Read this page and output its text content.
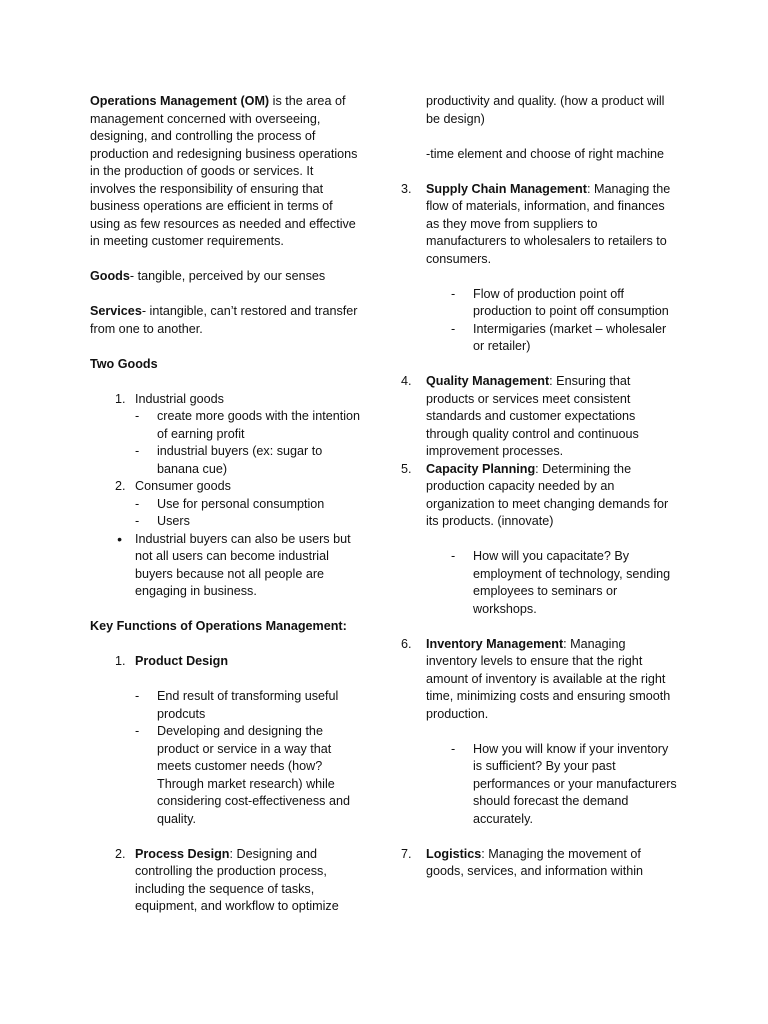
Operations Management (OM) is the area of management concerned with overseeing, designing, and controlling the process of production and redesigning business operations in the production of goods or services. It involves the responsibility of ensuring that business operations are efficient in terms of using as few resources as needed and effective in meeting customer requirements.

Goods- tangible, perceived by our senses

Services- intangible, can’t restored and transfer from one to another.

Two Goods

1. Industrial goods
-	create more goods with the intention of earning profit
-	industrial buyers (ex: sugar to banana cue)
2. Consumer goods
-	Use for personal consumption
-	Users
•	Industrial buyers can also be users but not all users can become industrial buyers because not all people are engaging in business.

Key Functions of Operations Management:

1. Product Design
-	End result of transforming useful prodcuts
-	Developing and designing the product or service in a way that meets customer needs (how? Through market research) while considering cost-effectiveness and quality.
2. Process Design: Designing and controlling the production process, including the sequence of tasks, equipment, and workflow to optimize

productivity and quality. (how a product will be design)

-time element and choose of right machine

3.	Supply Chain Management: Managing the flow of materials, information, and finances as they move from suppliers to manufacturers to wholesalers to retailers to consumers.
-	Flow of production point off production to point off consumption
-	Intermigaries (market – wholesaler or retailer)
4.	Quality Management: Ensuring that products or services meet consistent standards and customer expectations through quality control and continuous improvement processes.
5.	Capacity Planning: Determining the production capacity needed by an organization to meet changing demands for its products. (innovate)
-	How will you capacitate? By employment of technology, sending employees to seminars or workshops.
6.	Inventory Management: Managing inventory levels to ensure that the right amount of inventory is available at the right time, minimizing costs and ensuring smooth production.
-	How you will know if your inventory is sufficient? By your past performances or your manufacturers should forecast the demand accurately.
7.	Logistics: Managing the movement of goods, services, and information within
